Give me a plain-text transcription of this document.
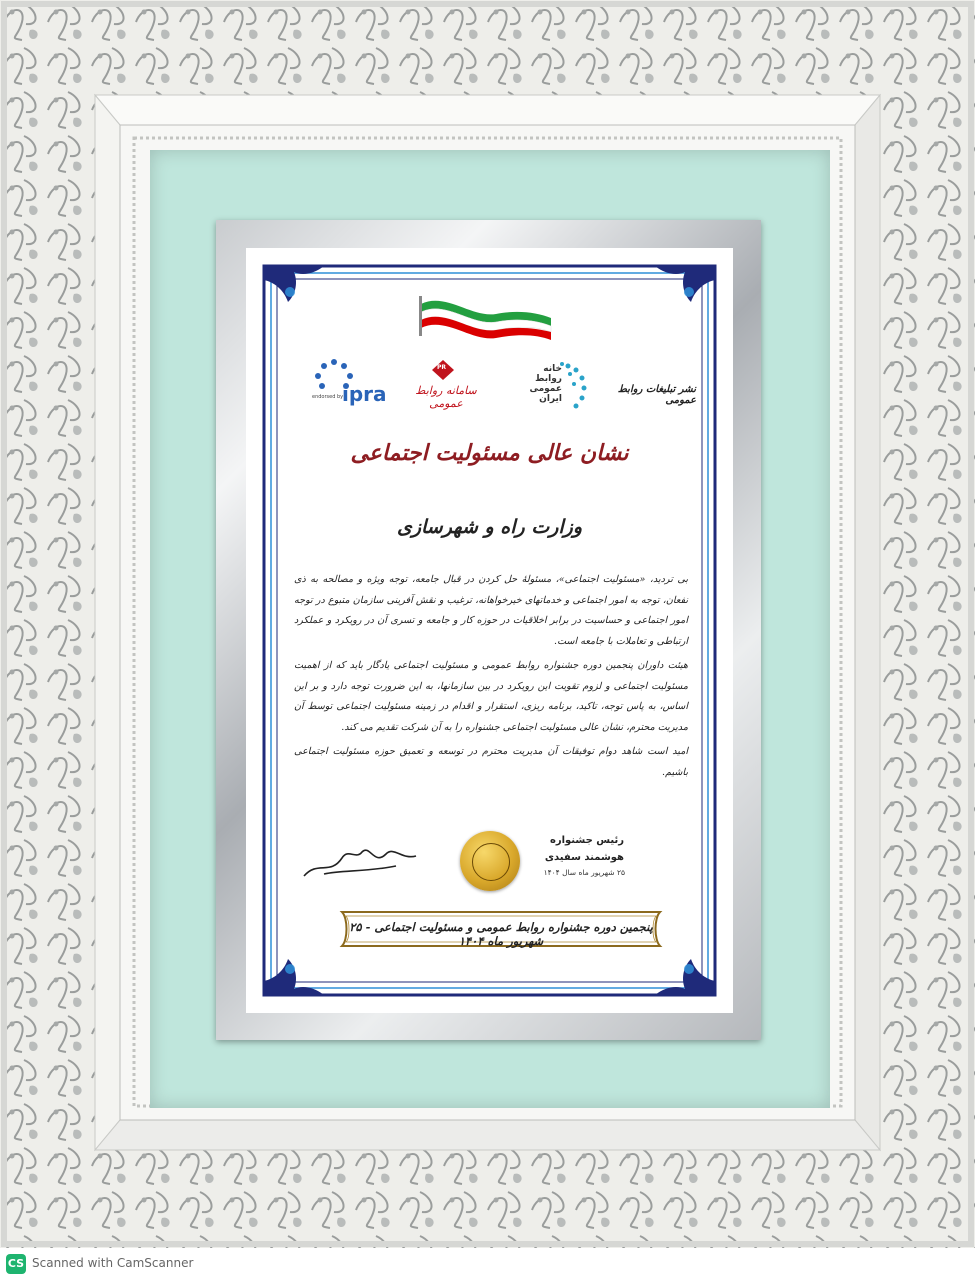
endorsed by
ipra
PR
سامانه روابط عمومی
خانه
روابط
عمومی
ایران
نشر تبلیغات روابط عمومی
نشان عالی مسئولیت اجتماعی
وزارت راه و شهرسازی

بی تردید، «مسئولیت اجتماعی»، مسئولهٔ حل کردن در قبال جامعه، توجه ویژه و مصالحه به ذی نفعان، توجه به امور اجتماعی و خدماتهای خیرخواهانه، ترغیب و نقش آفرینی سازمان متبوع در توجه امور اجتماعی و حساسیت در برابر اخلاقیات در حوزه کار و جامعه و تسری آن در رویکرد و عملکرد ارتباطی و تعاملات با جامعه است.

هیئت داوران پنجمین دوره جشنواره روابط عمومی و مسئولیت اجتماعی یادگار باید که از اهمیت مسئولیت اجتماعی و لزوم تقویت این رویکرد در بین سازمانها، به این ضرورت توجه دارد و بر این اساس، به پاس توجه، تاکید، برنامه ریزی، استقرار و اقدام در زمینه مسئولیت اجتماعی توسط آن مدیریت محترم، نشان عالی مسئولیت اجتماعی جشنواره را به آن شرکت تقدیم می کند.

امید است شاهد دوام توفیقات آن مدیریت محترم در توسعه و تعمیق حوزه مسئولیت اجتماعی باشیم.

رئیس جشنواره
هوشمند سفیدی
۲۵ شهریور ماه سال ۱۴۰۴
پنجمین دوره جشنواره روابط عمومی و مسئولیت اجتماعی - ۲۵ شهریور ماه ۱۴۰۴
CS Scanned with CamScanner
